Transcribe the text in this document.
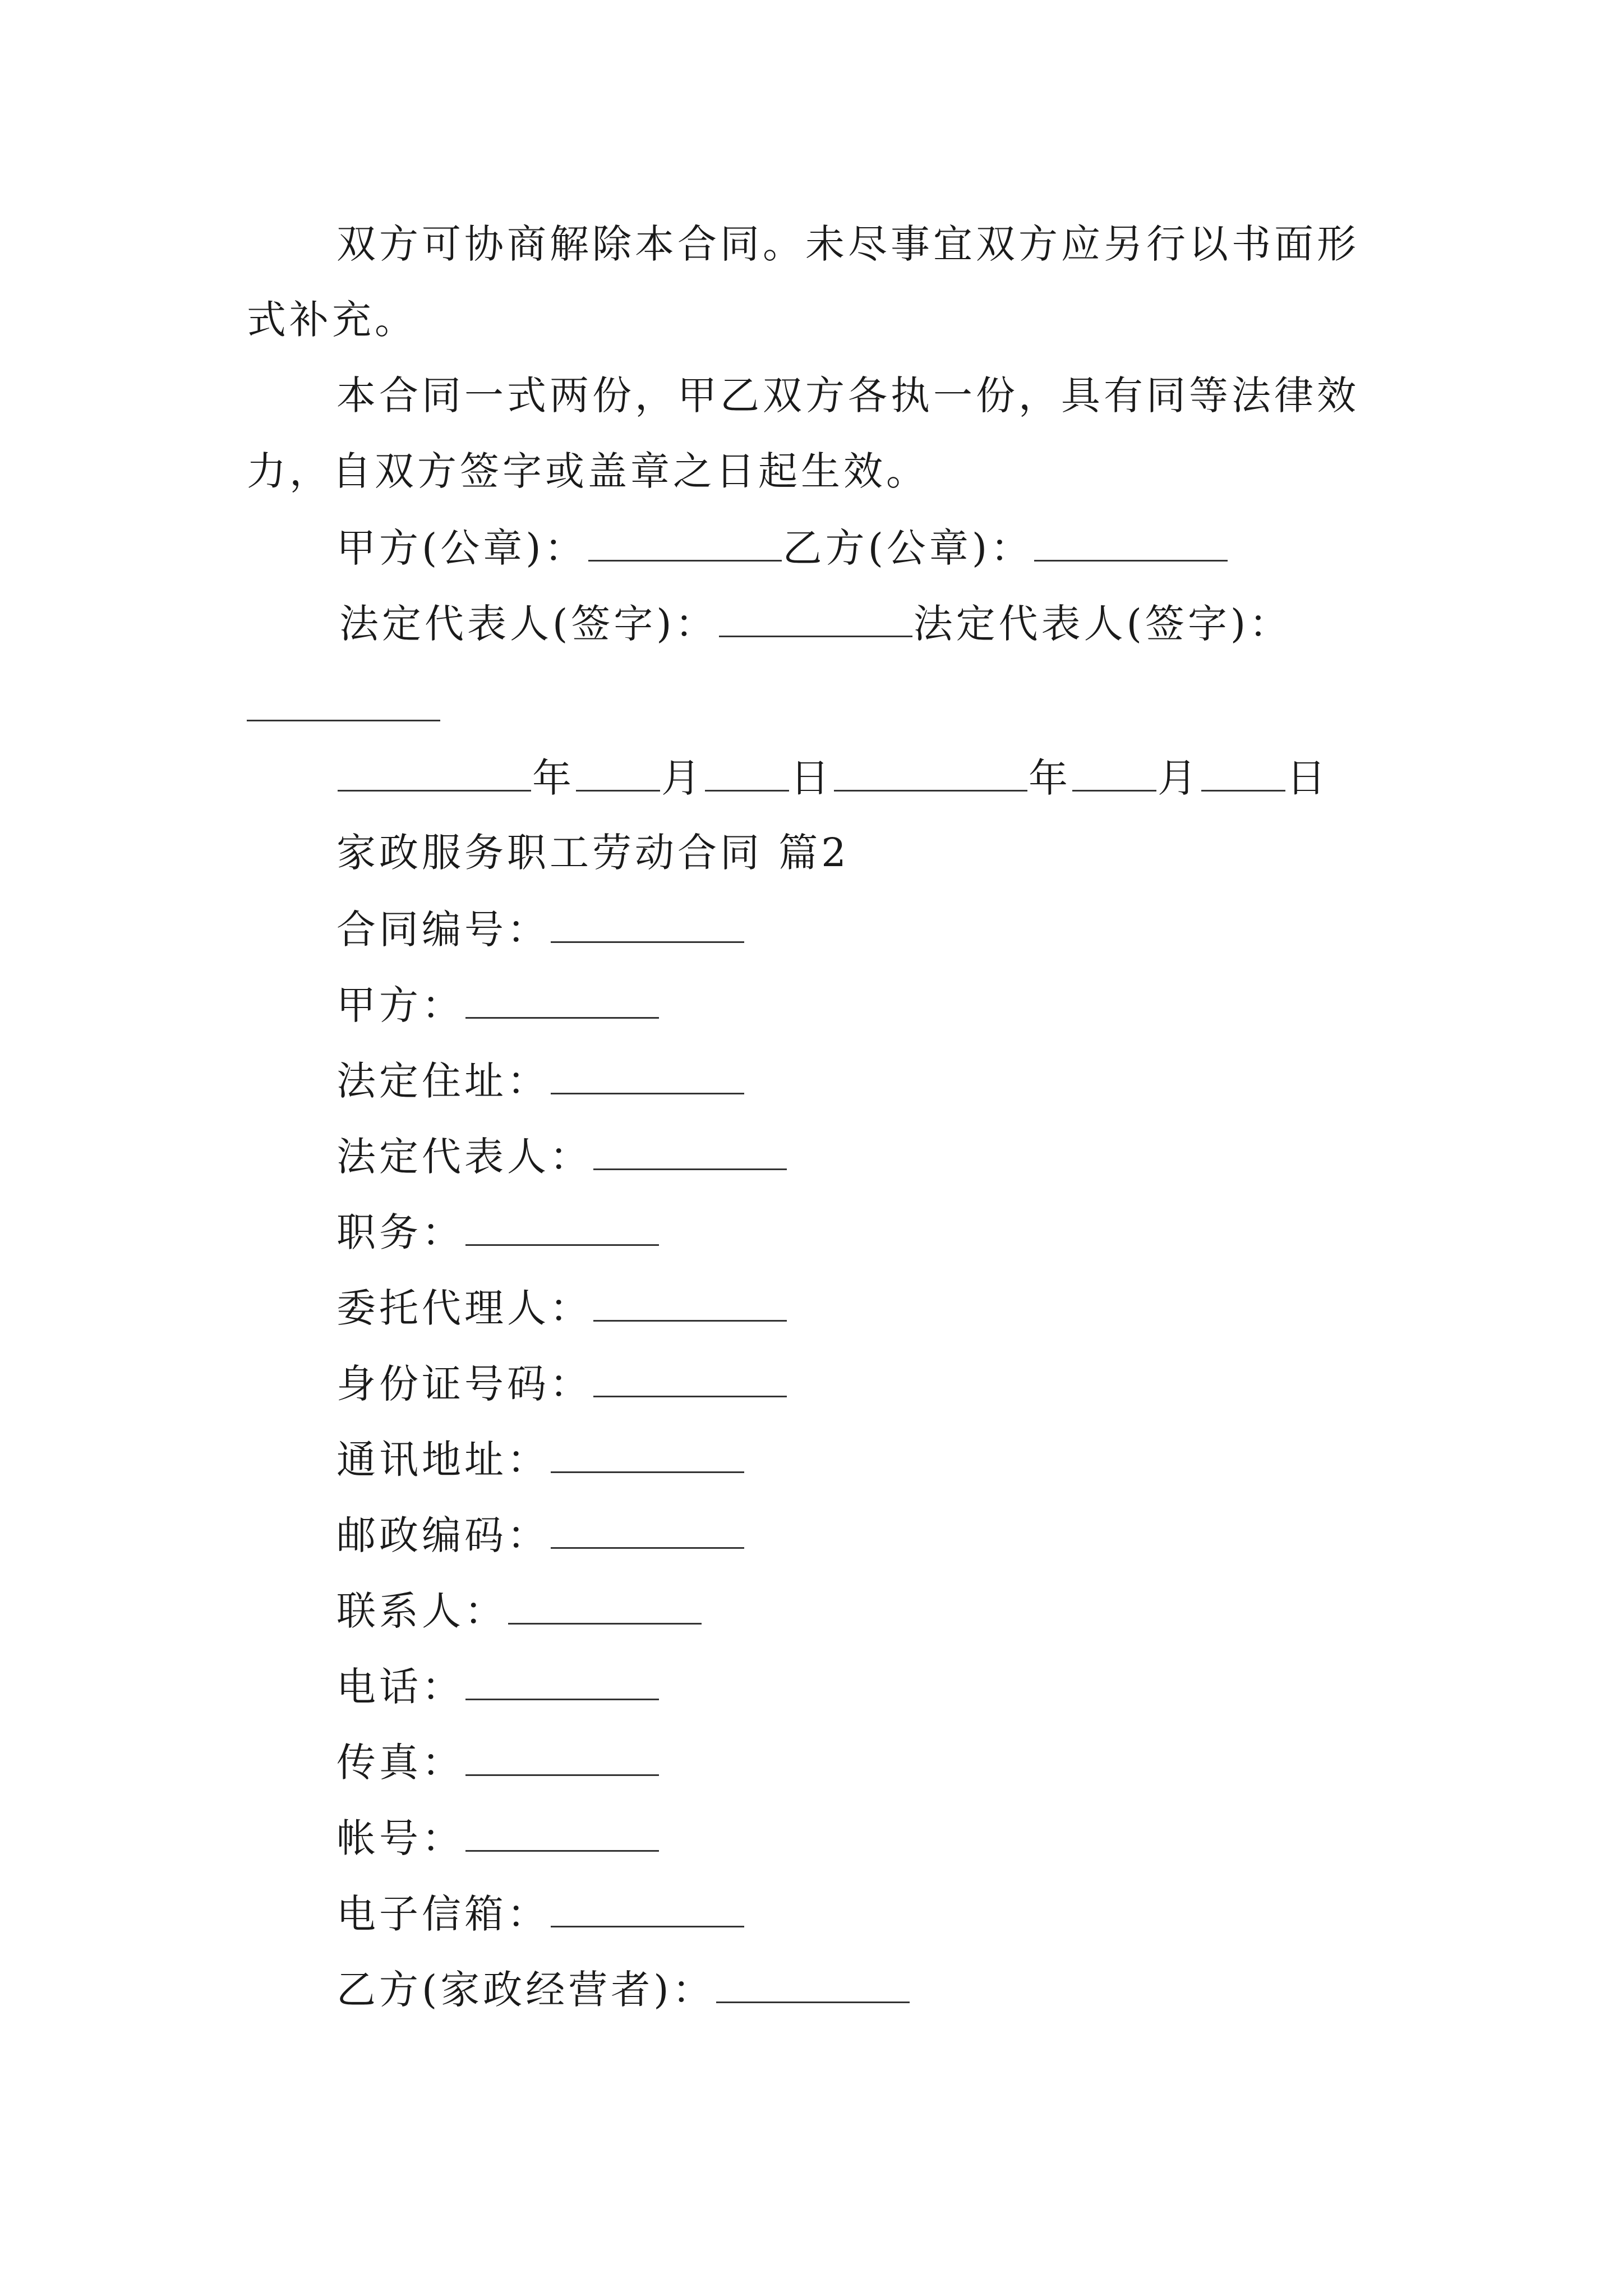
双方可协商解除本合同。未尽事宜双方应另行以书面形
式补充。
本合同一式两份，甲乙双方各执一份，具有同等法律效
力，自双方签字或盖章之日起生效。
甲方(公章)：	乙方(公章)：
法定代表人(签字)：	法定代表人(签字)：
年 月 日	年 月 日
家政服务职工劳动合同 篇2
合同编号：
甲方：
法定住址：
法定代表人：
职务：
委托代理人：
身份证号码：
通讯地址：
邮政编码：
联系人：
电话：
传真：
帐号：
电子信箱：
乙方(家政经营者)：
